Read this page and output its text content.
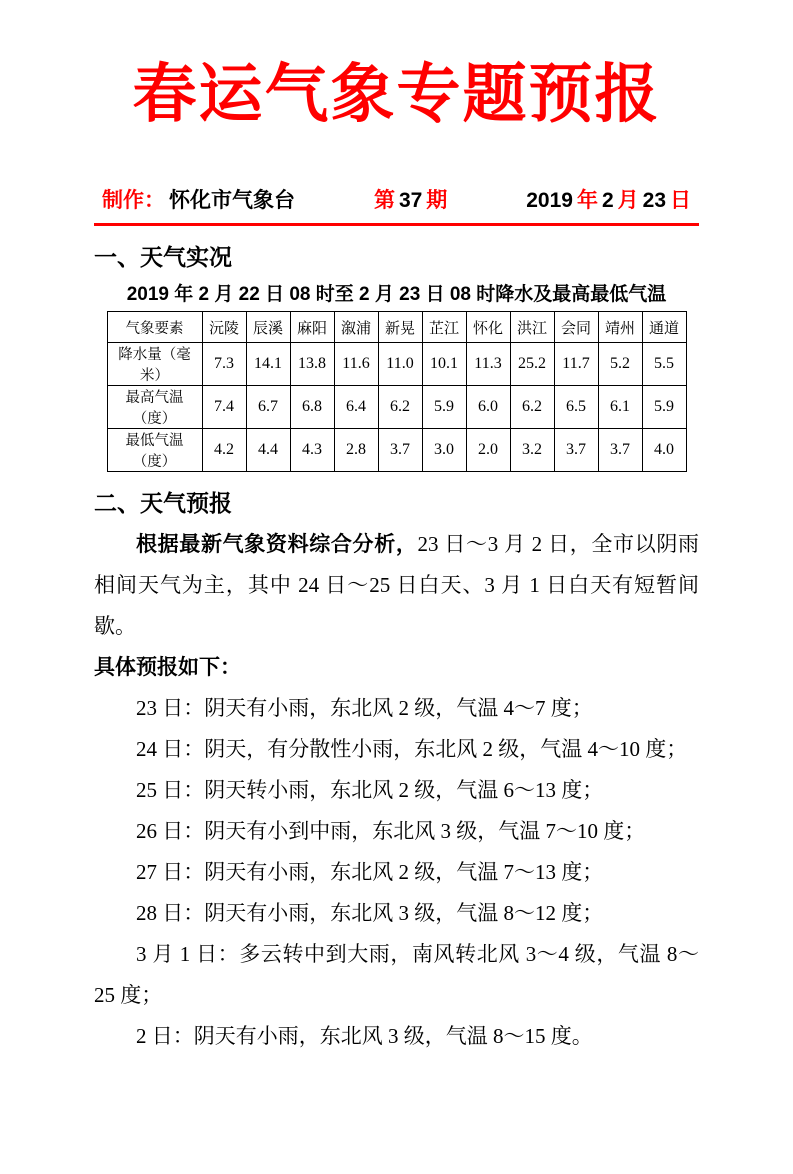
春运气象专题预报
制作： 怀化市气象台	第 37 期	2019 年 2 月 23 日
一、天气实况
2019 年 2 月 22 日 08 时至 2 月 23 日 08 时降水及最高最低气温
气象要素	沅陵	辰溪	麻阳	溆浦	新晃	芷江	怀化	洪江	会同	靖州	通道
降水量（毫米）	7.3	14.1	13.8	11.6	11.0	10.1	11.3	25.2	11.7	5.2	5.5
最高气温（度）	7.4	6.7	6.8	6.4	6.2	5.9	6.0	6.2	6.5	6.1	5.9
最低气温（度）	4.2	4.4	4.3	2.8	3.7	3.0	2.0	3.2	3.7	3.7	4.0
二、天气预报

根据最新气象资料综合分析，23 日～3 月 2 日，全市以阴雨相间天气为主，其中 24 日～25 日白天、3 月 1 日白天有短暂间歇。

具体预报如下：
23 日：阴天有小雨，东北风 2 级，气温 4～7 度；
24 日：阴天，有分散性小雨，东北风 2 级，气温 4～10 度；
25 日：阴天转小雨，东北风 2 级，气温 6～13 度；
26 日：阴天有小到中雨，东北风 3 级，气温 7～10 度；
27 日：阴天有小雨，东北风 2 级，气温 7～13 度；
28 日：阴天有小雨，东北风 3 级，气温 8～12 度；
3 月 1 日：多云转中到大雨，南风转北风 3～4 级，气温 8～25 度；
2 日：阴天有小雨，东北风 3 级，气温 8～15 度。
